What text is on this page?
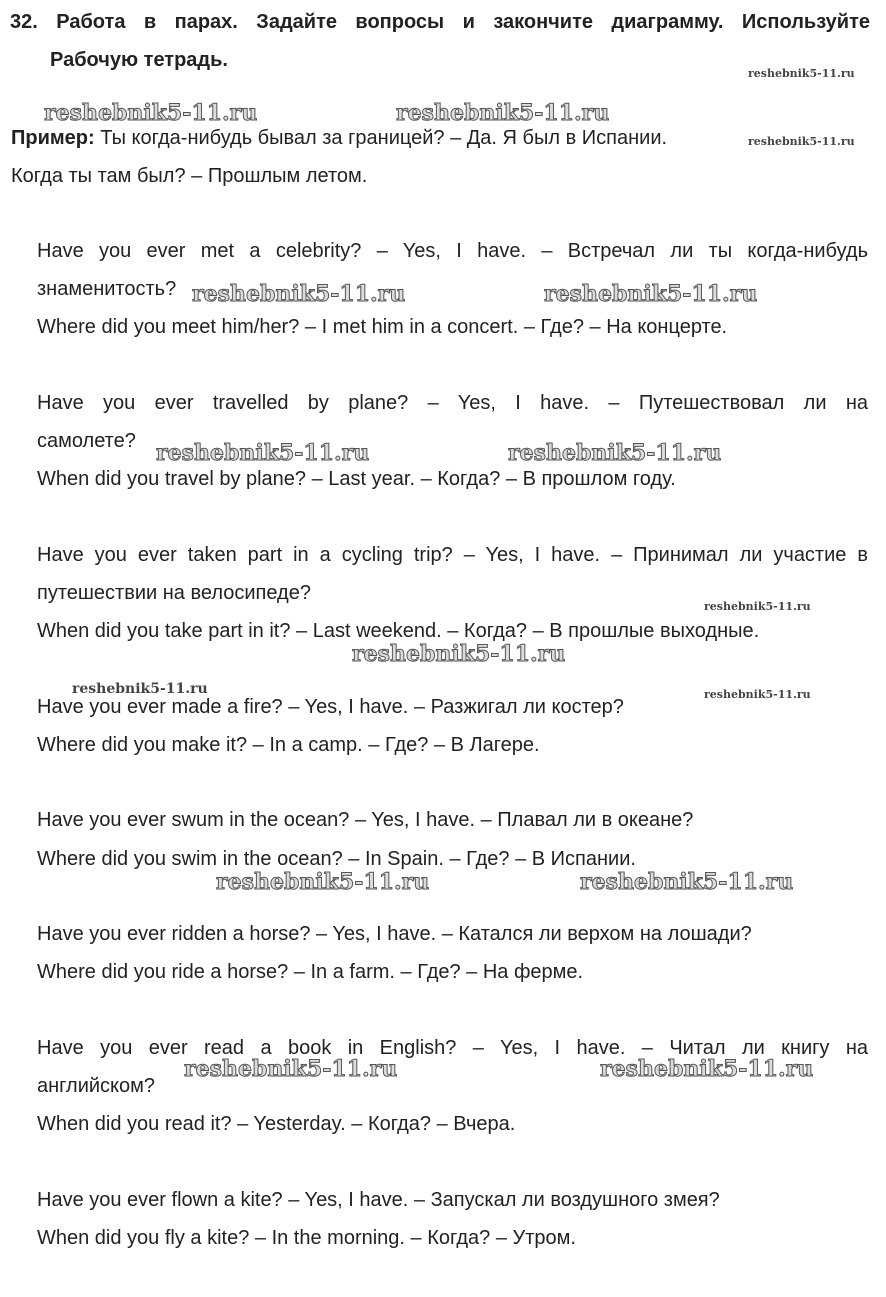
32. Работа в парах. Задайте вопросы и закончите диаграмму. Используйте
Рабочую тетрадь.
Пример: Ты когда-нибудь бывал за границей? – Да. Я был в Испании.
Когда ты там был? – Прошлым летом.
Have you ever met a celebrity? – Yes, I have. – Встречал ли ты когда-нибудь
знаменитость?
Where did you meet him/her? – I met him in a concert. – Где? – На концерте.
Have you ever travelled by plane? – Yes, I have. – Путешествовал ли на
самолете?
When did you travel by plane? – Last year. – Когда? – В прошлом году.
Have you ever taken part in a cycling trip? – Yes, I have. – Принимал ли участие в
путешествии на велосипеде?
When did you take part in it? – Last weekend. – Когда? – В прошлые выходные.
Have you ever made a fire? – Yes, I have. – Разжигал ли костер?
Where did you make it? – In a camp. – Где? – В Лагере.
Have you ever swum in the ocean? – Yes, I have. – Плавал ли в океане?
Where did you swim in the ocean? – In Spain. – Где? – В Испании.
Have you ever ridden a horse? – Yes, I have. – Катался ли верхом на лошади?
Where did you ride a horse? – In a farm. – Где? – На ферме.
Have you ever read a book in English? – Yes, I have. – Читал ли книгу на
английском?
When did you read it? – Yesterday. – Когда? – Вчера.
Have you ever flown a kite? – Yes, I have. – Запускал ли воздушного змея?
When did you fly a kite? – In the morning. – Когда? – Утром.
reshebnik5-11.ru	reshebnik5-11.ru
reshebnik5-11.ru	reshebnik5-11.ru
reshebnik5-11.ru	reshebnik5-11.ru
reshebnik5-11.ru
reshebnik5-11.ru	reshebnik5-11.ru
reshebnik5-11.ru	reshebnik5-11.ru
reshebnik5-11.ru
reshebnik5-11.ru
reshebnik5-11.ru
reshebnik5-11.ru	reshebnik5-11.ru
